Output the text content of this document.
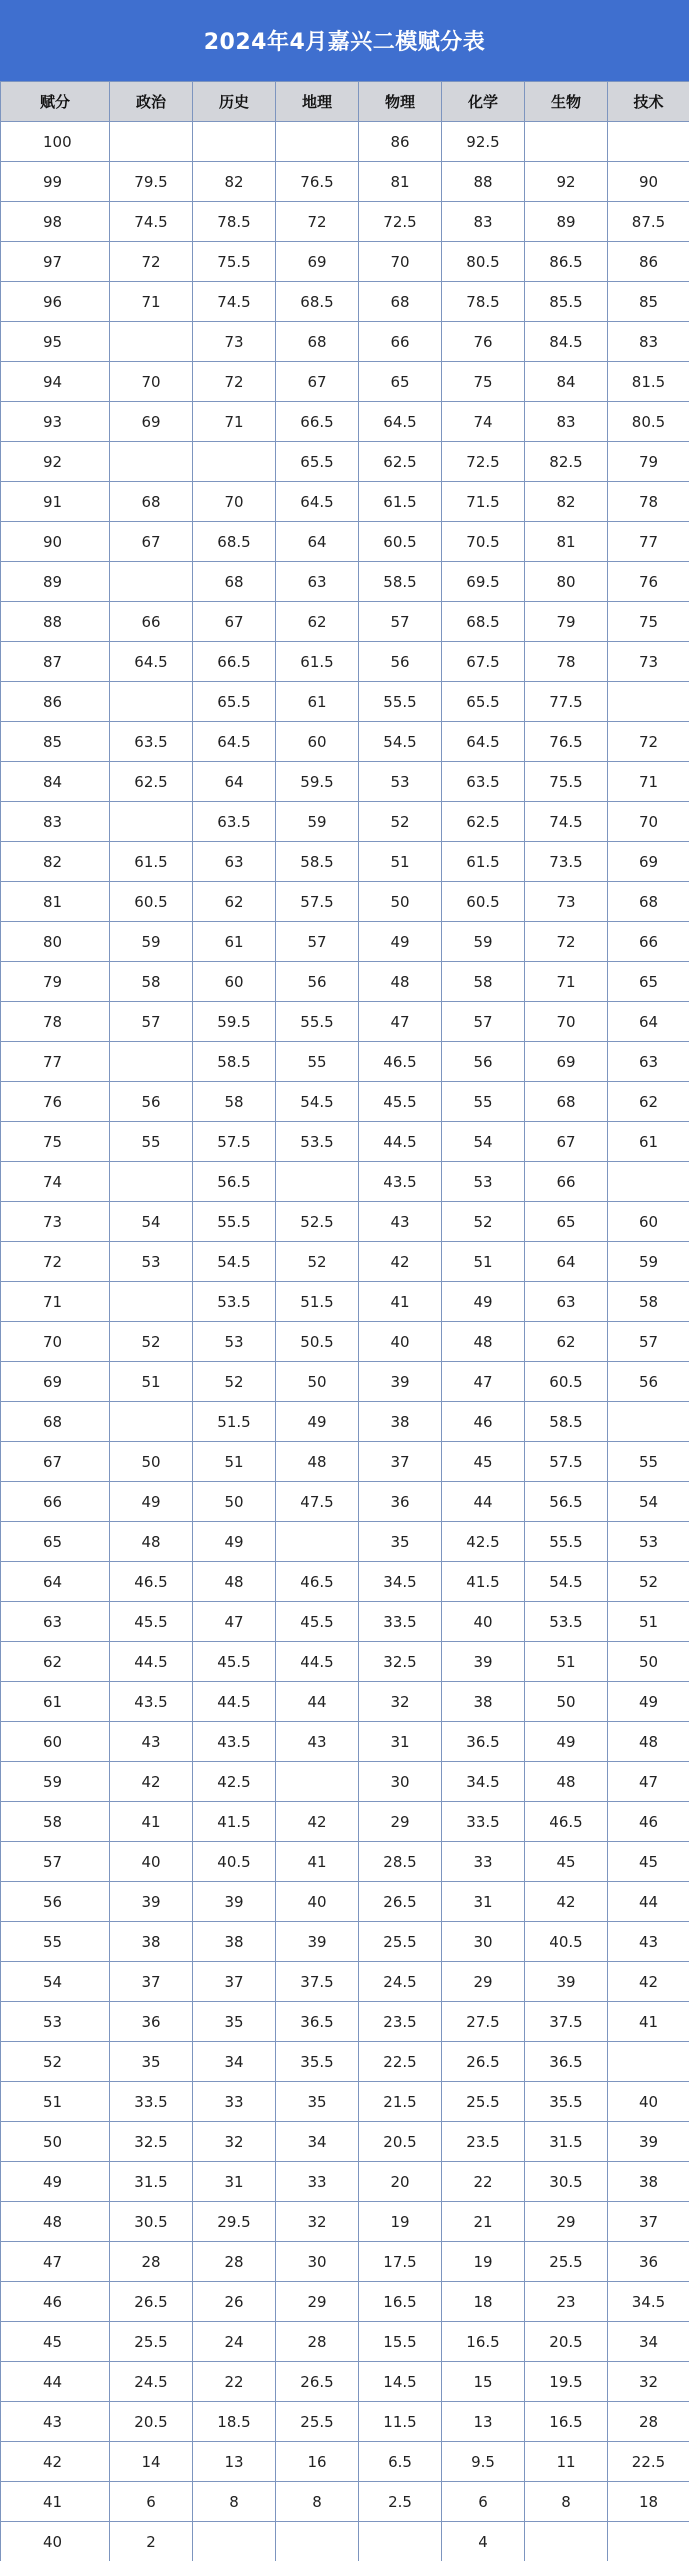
2024年4月嘉兴二模赋分表
赋分	政治	历史	地理	物理	化学	生物	技术
100				86	92.5		
99	79.5	82	76.5	81	88	92	90
98	74.5	78.5	72	72.5	83	89	87.5
97	72	75.5	69	70	80.5	86.5	86
96	71	74.5	68.5	68	78.5	85.5	85
95		73	68	66	76	84.5	83
94	70	72	67	65	75	84	81.5
93	69	71	66.5	64.5	74	83	80.5
92			65.5	62.5	72.5	82.5	79
91	68	70	64.5	61.5	71.5	82	78
90	67	68.5	64	60.5	70.5	81	77
89		68	63	58.5	69.5	80	76
88	66	67	62	57	68.5	79	75
87	64.5	66.5	61.5	56	67.5	78	73
86		65.5	61	55.5	65.5	77.5	
85	63.5	64.5	60	54.5	64.5	76.5	72
84	62.5	64	59.5	53	63.5	75.5	71
83		63.5	59	52	62.5	74.5	70
82	61.5	63	58.5	51	61.5	73.5	69
81	60.5	62	57.5	50	60.5	73	68
80	59	61	57	49	59	72	66
79	58	60	56	48	58	71	65
78	57	59.5	55.5	47	57	70	64
77		58.5	55	46.5	56	69	63
76	56	58	54.5	45.5	55	68	62
75	55	57.5	53.5	44.5	54	67	61
74		56.5		43.5	53	66	
73	54	55.5	52.5	43	52	65	60
72	53	54.5	52	42	51	64	59
71		53.5	51.5	41	49	63	58
70	52	53	50.5	40	48	62	57
69	51	52	50	39	47	60.5	56
68		51.5	49	38	46	58.5	
67	50	51	48	37	45	57.5	55
66	49	50	47.5	36	44	56.5	54
65	48	49		35	42.5	55.5	53
64	46.5	48	46.5	34.5	41.5	54.5	52
63	45.5	47	45.5	33.5	40	53.5	51
62	44.5	45.5	44.5	32.5	39	51	50
61	43.5	44.5	44	32	38	50	49
60	43	43.5	43	31	36.5	49	48
59	42	42.5		30	34.5	48	47
58	41	41.5	42	29	33.5	46.5	46
57	40	40.5	41	28.5	33	45	45
56	39	39	40	26.5	31	42	44
55	38	38	39	25.5	30	40.5	43
54	37	37	37.5	24.5	29	39	42
53	36	35	36.5	23.5	27.5	37.5	41
52	35	34	35.5	22.5	26.5	36.5	
51	33.5	33	35	21.5	25.5	35.5	40
50	32.5	32	34	20.5	23.5	31.5	39
49	31.5	31	33	20	22	30.5	38
48	30.5	29.5	32	19	21	29	37
47	28	28	30	17.5	19	25.5	36
46	26.5	26	29	16.5	18	23	34.5
45	25.5	24	28	15.5	16.5	20.5	34
44	24.5	22	26.5	14.5	15	19.5	32
43	20.5	18.5	25.5	11.5	13	16.5	28
42	14	13	16	6.5	9.5	11	22.5
41	6	8	8	2.5	6	8	18
40	2				4		
